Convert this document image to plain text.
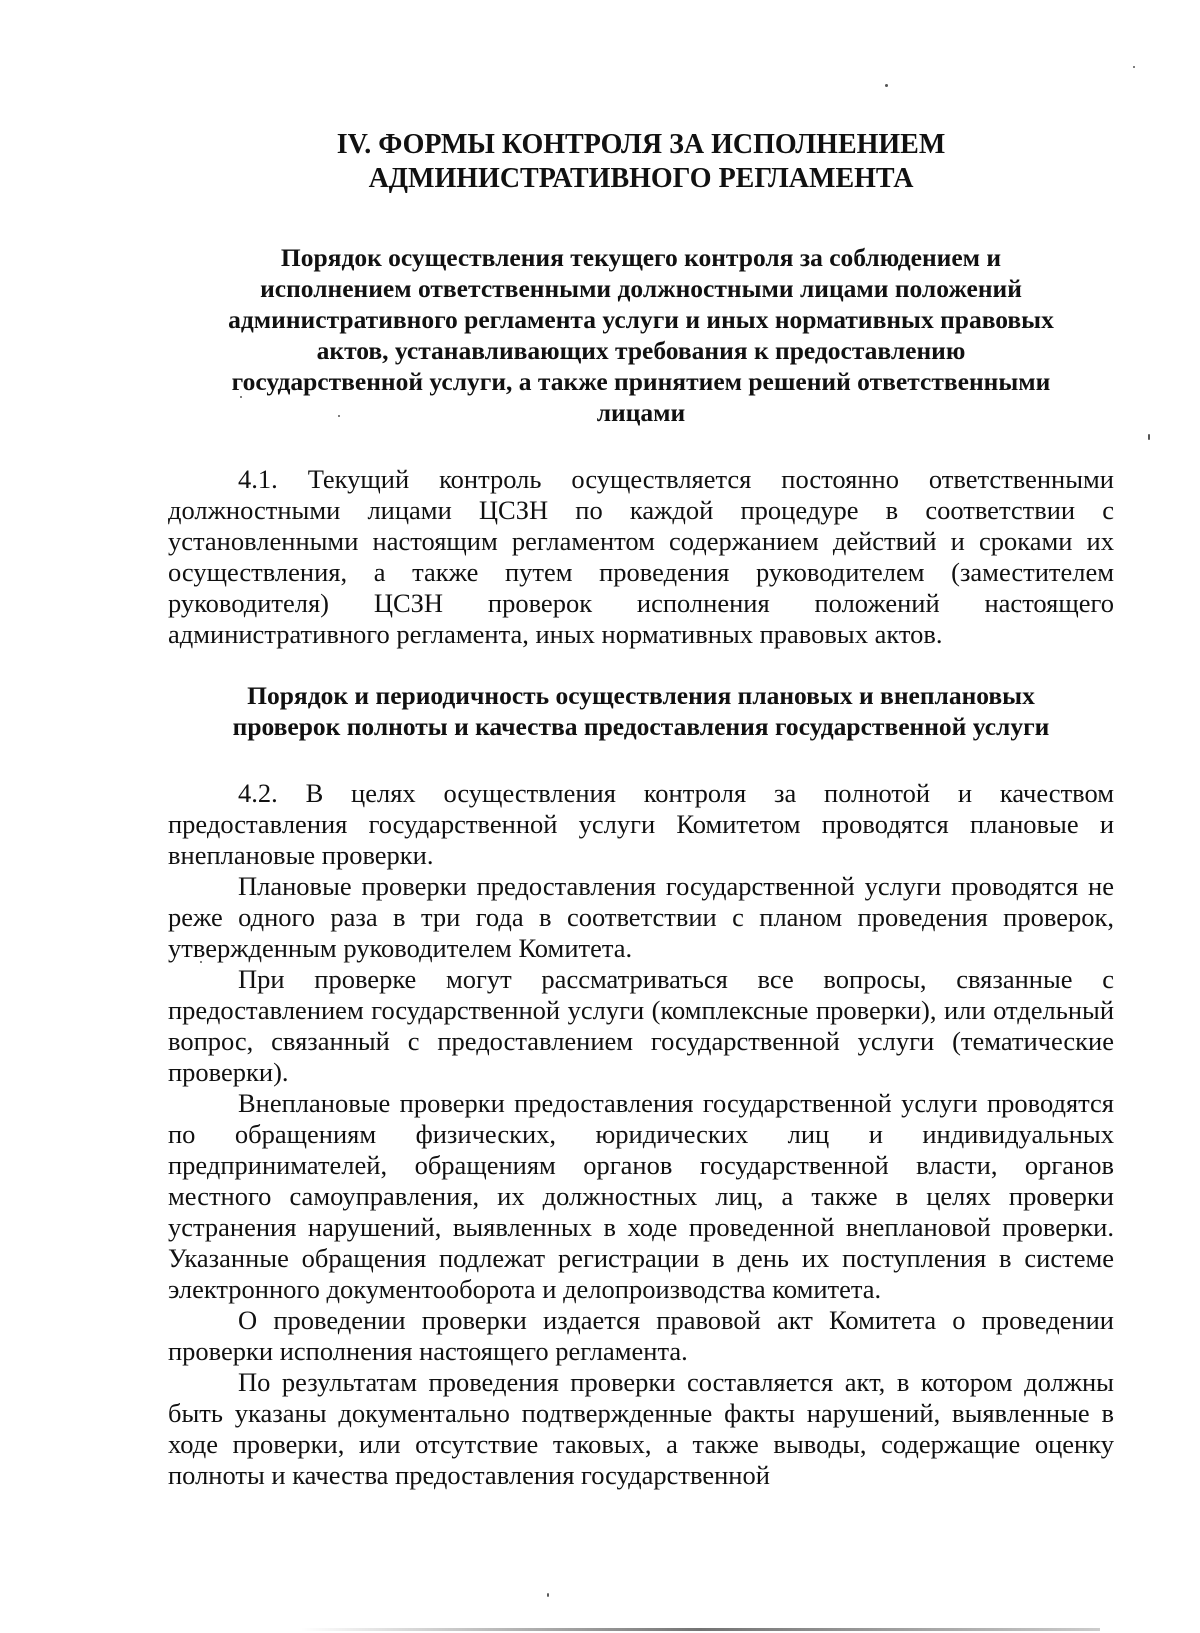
IV. ФОРМЫ КОНТРОЛЯ ЗА ИСПОЛНЕНИЕМ
АДМИНИСТРАТИВНОГО РЕГЛАМЕНТА
Порядок осуществления текущего контроля за соблюдением и
исполнением ответственными должностными лицами положений
административного регламента услуги и иных нормативных правовых
актов, устанавливающих требования к предоставлению
государственной услуги, а также принятием решений ответственными
лицами

4.1. Текущий контроль осуществляется постоянно ответственными должностными лицами ЦСЗН по каждой процедуре в соответствии с установленными настоящим регламентом содержанием действий и сроками их осуществления, а также путем проведения руководителем (заместителем руководителя) ЦСЗН проверок исполнения положений настоящего административного регламента, иных нормативных правовых актов.

Порядок и периодичность осуществления плановых и внеплановых
проверок полноты и качества предоставления государственной услуги

4.2. В целях осуществления контроля за полнотой и качеством предоставления государственной услуги Комитетом проводятся плановые и внеплановые проверки.

Плановые проверки предоставления государственной услуги проводятся не реже одного раза в три года в соответствии с планом проведения проверок, утвержденным руководителем Комитета.

При проверке могут рассматриваться все вопросы, связанные с предоставлением государственной услуги (комплексные проверки), или отдельный вопрос, связанный с предоставлением государственной услуги (тематические проверки).

Внеплановые проверки предоставления государственной услуги проводятся по обращениям физических, юридических лиц и индивидуальных предпринимателей, обращениям органов государственной власти, органов местного самоуправления, их должностных лиц, а также в целях проверки устранения нарушений, выявленных в ходе проведенной внеплановой проверки. Указанные обращения подлежат регистрации в день их поступления в системе электронного документооборота и делопроизводства комитета.

О проведении проверки издается правовой акт Комитета о проведении проверки исполнения настоящего регламента.

По результатам проведения проверки составляется акт, в котором должны быть указаны документально подтвержденные факты нарушений, выявленные в ходе проверки, или отсутствие таковых, а также выводы, содержащие оценку полноты и качества предоставления государственной
